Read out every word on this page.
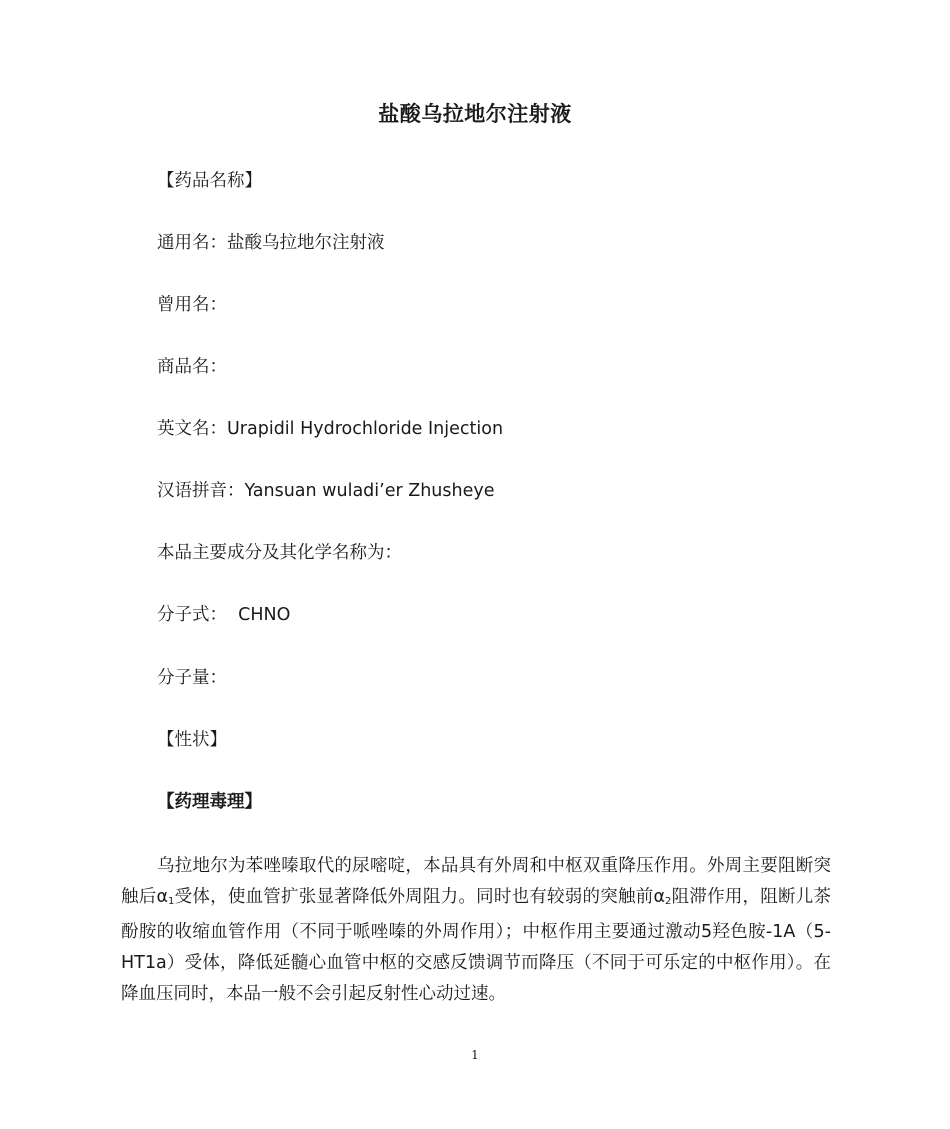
盐酸乌拉地尔注射液
【药品名称】
通用名：盐酸乌拉地尔注射液
曾用名：
商品名：
英文名：Urapidil Hydrochloride Injection
汉语拼音：Yansuan wuladi’er Zhusheye
本品主要成分及其化学名称为：
分子式： CHNO
分子量：
【性状】
【药理毒理】
乌拉地尔为苯唑嗪取代的尿嘧啶，本品具有外周和中枢双重降压作用。外周主要阻断突触后$\alpha_1$受体，使血管扩张显著降低外周阻力。同时也有较弱的突触前$\alpha_2$阻滞作用，阻断儿茶酚胺的收缩血管作用（不同于哌唑嗪的外周作用）；中枢作用主要通过激动5羟色胺-1A（5-HT1a）受体，降低延髓心血管中枢的交感反馈调节而降压（不同于可乐定的中枢作用）。在降血压同时，本品一般不会引起反射性心动过速。
1
